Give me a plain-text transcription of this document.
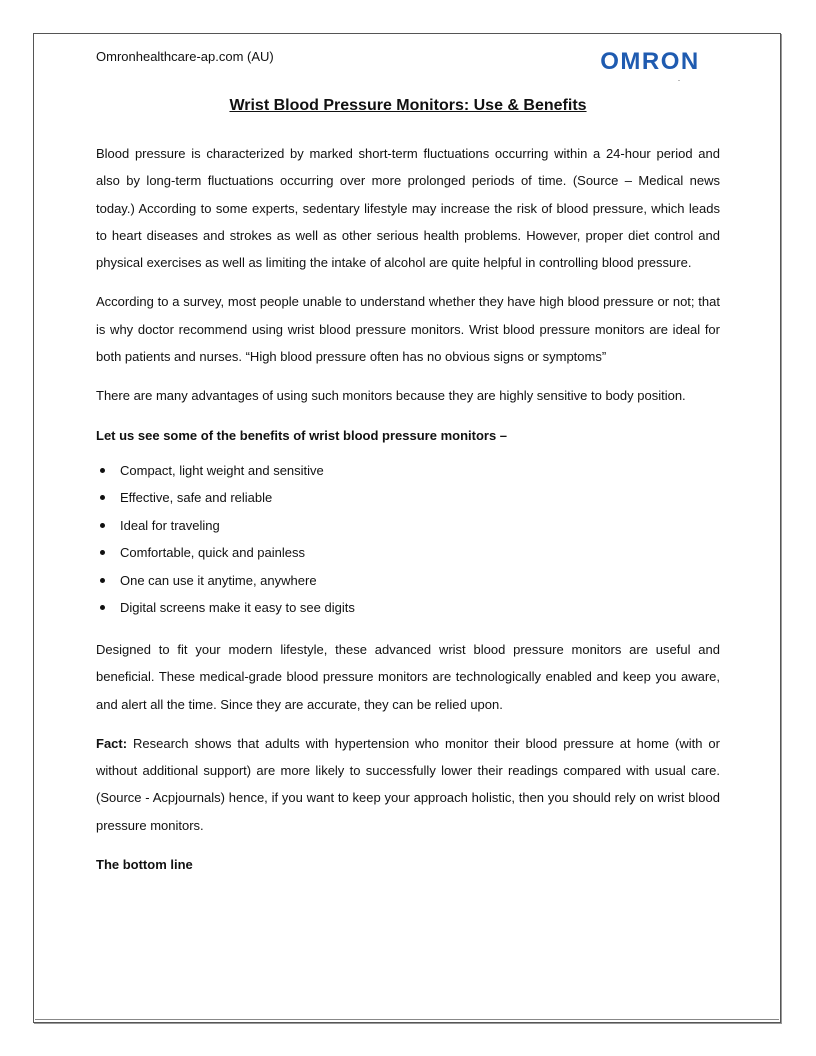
Omronhealthcare-ap.com (AU)	OMRON
Wrist Blood Pressure Monitors: Use & Benefits

Blood pressure is characterized by marked short-term fluctuations occurring within a 24-hour period and also by long-term fluctuations occurring over more prolonged periods of time. (Source – Medical news today.) According to some experts, sedentary lifestyle may increase the risk of blood pressure, which leads to heart diseases and strokes as well as other serious health problems. However, proper diet control and physical exercises as well as limiting the intake of alcohol are quite helpful in controlling blood pressure.

According to a survey, most people unable to understand whether they have high blood pressure or not; that is why doctor recommend using wrist blood pressure monitors. Wrist blood pressure monitors are ideal for both patients and nurses. “High blood pressure often has no obvious signs or symptoms”

There are many advantages of using such monitors because they are highly sensitive to body position.

Let us see some of the benefits of wrist blood pressure monitors –

Compact, light weight and sensitive
Effective, safe and reliable
Ideal for traveling
Comfortable, quick and painless
One can use it anytime, anywhere
Digital screens make it easy to see digits

Designed to fit your modern lifestyle, these advanced wrist blood pressure monitors are useful and beneficial. These medical-grade blood pressure monitors are technologically enabled and keep you aware, and alert all the time. Since they are accurate, they can be relied upon.

Fact: Research shows that adults with hypertension who monitor their blood pressure at home (with or without additional support) are more likely to successfully lower their readings compared with usual care. (Source - Acpjournals) hence, if you want to keep your approach holistic, then you should rely on wrist blood pressure monitors.

The bottom line
